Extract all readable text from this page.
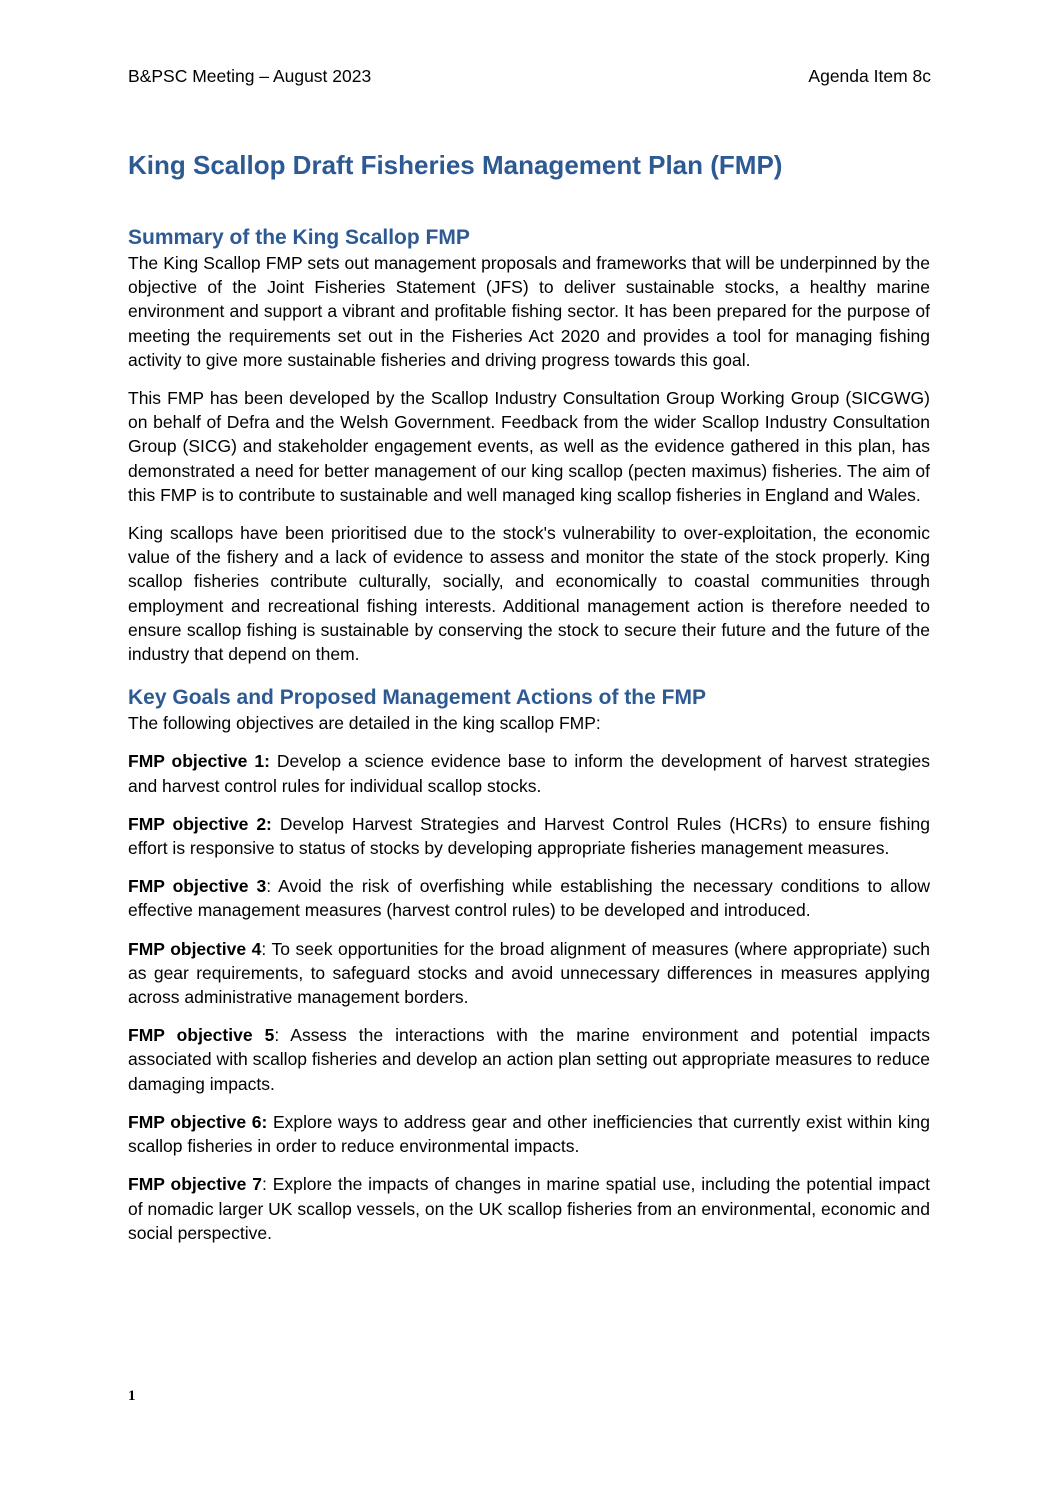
B&PSC Meeting – August 2023	Agenda Item 8c
King Scallop Draft Fisheries Management Plan (FMP)
Summary of the King Scallop FMP

The King Scallop FMP sets out management proposals and frameworks that will be underpinned by the objective of the Joint Fisheries Statement (JFS) to deliver sustainable stocks, a healthy marine environment and support a vibrant and profitable fishing sector. It has been prepared for the purpose of meeting the requirements set out in the Fisheries Act 2020 and provides a tool for managing fishing activity to give more sustainable fisheries and driving progress towards this goal.

This FMP has been developed by the Scallop Industry Consultation Group Working Group (SICGWG) on behalf of Defra and the Welsh Government. Feedback from the wider Scallop Industry Consultation Group (SICG) and stakeholder engagement events, as well as the evidence gathered in this plan, has demonstrated a need for better management of our king scallop (pecten maximus) fisheries. The aim of this FMP is to contribute to sustainable and well managed king scallop fisheries in England and Wales.

King scallops have been prioritised due to the stock's vulnerability to over-exploitation, the economic value of the fishery and a lack of evidence to assess and monitor the state of the stock properly. King scallop fisheries contribute culturally, socially, and economically to coastal communities through employment and recreational fishing interests. Additional management action is therefore needed to ensure scallop fishing is sustainable by conserving the stock to secure their future and the future of the industry that depend on them.

Key Goals and Proposed Management Actions of the FMP

The following objectives are detailed in the king scallop FMP:

FMP objective 1: Develop a science evidence base to inform the development of harvest strategies and harvest control rules for individual scallop stocks.

FMP objective 2: Develop Harvest Strategies and Harvest Control Rules (HCRs) to ensure fishing effort is responsive to status of stocks by developing appropriate fisheries management measures.

FMP objective 3: Avoid the risk of overfishing while establishing the necessary conditions to allow effective management measures (harvest control rules) to be developed and introduced.

FMP objective 4: To seek opportunities for the broad alignment of measures (where appropriate) such as gear requirements, to safeguard stocks and avoid unnecessary differences in measures applying across administrative management borders.

FMP objective 5: Assess the interactions with the marine environment and potential impacts associated with scallop fisheries and develop an action plan setting out appropriate measures to reduce damaging impacts.

FMP objective 6: Explore ways to address gear and other inefficiencies that currently exist within king scallop fisheries in order to reduce environmental impacts.

FMP objective 7: Explore the impacts of changes in marine spatial use, including the potential impact of nomadic larger UK scallop vessels, on the UK scallop fisheries from an environmental, economic and social perspective.

1
